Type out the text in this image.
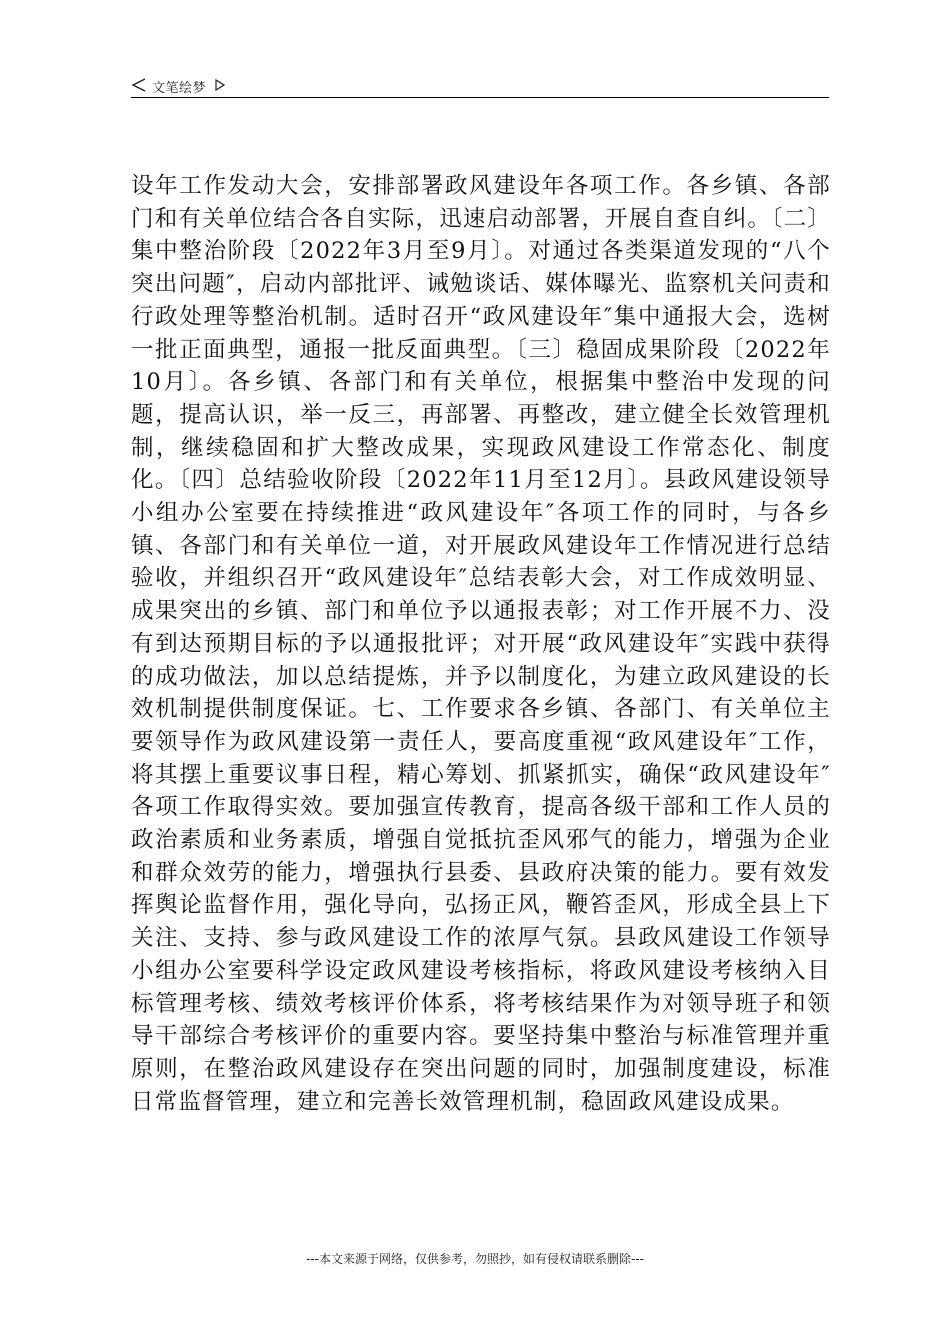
文笔绘梦

设年工作发动大会，安排部署政风建设年各项工作。各乡镇、各部门和有关单位结合各自实际，迅速启动部署，开展自查自纠。〔二〕集中整治阶段〔2022年3月至9月〕。对通过各类渠道发现的“八个突出问题″，启动内部批评、诫勉谈话、媒体曝光、监察机关问责和行政处理等整治机制。适时召开“政风建设年″集中通报大会，选树一批正面典型，通报一批反面典型。〔三〕稳固成果阶段〔2022年10月〕。各乡镇、各部门和有关单位，根据集中整治中发现的问题，提高认识，举一反三，再部署、再整改，建立健全长效管理机制，继续稳固和扩大整改成果，实现政风建设工作常态化、制度化。〔四〕总结验收阶段〔2022年11月至12月〕。县政风建设领导小组办公室要在持续推进“政风建设年″各项工作的同时，与各乡镇、各部门和有关单位一道，对开展政风建设年工作情况进行总结验收，并组织召开“政风建设年″总结表彰大会，对工作成效明显、成果突出的乡镇、部门和单位予以通报表彰；对工作开展不力、没有到达预期目标的予以通报批评；对开展“政风建设年″实践中获得的成功做法，加以总结提炼，并予以制度化，为建立政风建设的长效机制提供制度保证。七、工作要求各乡镇、各部门、有关单位主要领导作为政风建设第一责任人，要高度重视“政风建设年″工作，将其摆上重要议事日程，精心筹划、抓紧抓实，确保“政风建设年″各项工作取得实效。要加强宣传教育，提高各级干部和工作人员的政治素质和业务素质，增强自觉抵抗歪风邪气的能力，增强为企业和群众效劳的能力，增强执行县委、县政府决策的能力。要有效发挥舆论监督作用，强化导向，弘扬正风，鞭笞歪风，形成全县上下关注、支持、参与政风建设工作的浓厚气氛。县政风建设工作领导小组办公室要科学设定政风建设考核指标，将政风建设考核纳入目标管理考核、绩效考核评价体系，将考核结果作为对领导班子和领导干部综合考核评价的重要内容。要坚持集中整治与标准管理并重原则，在整治政风建设存在突出问题的同时，加强制度建设，标准日常监督管理，建立和完善长效管理机制，稳固政风建设成果。

---本文来源于网络，仅供参考，勿照抄，如有侵权请联系删除---
